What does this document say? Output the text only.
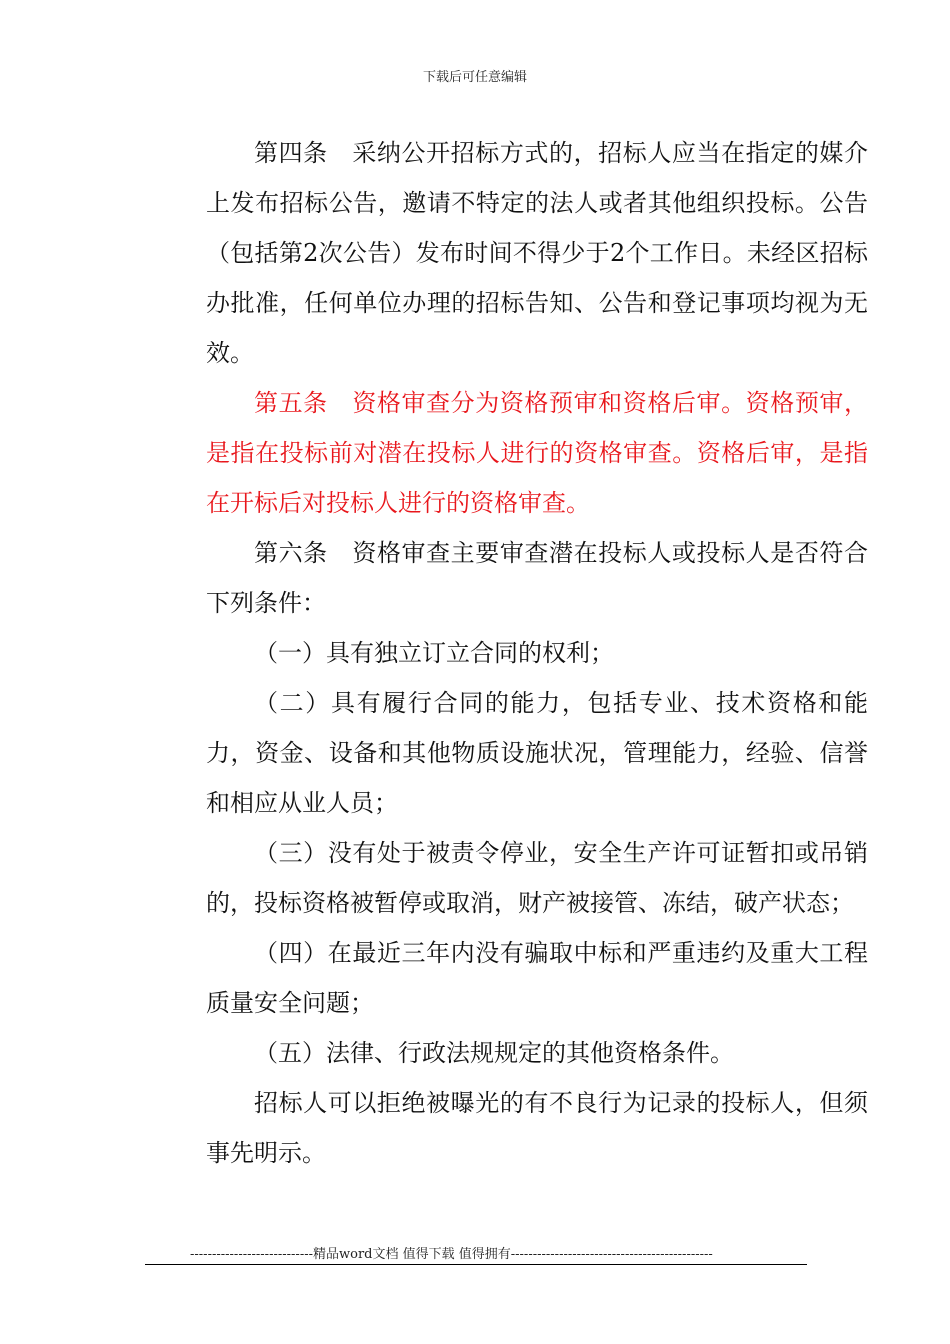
下载后可任意编辑

第四条　采纳公开招标方式的，招标人应当在指定的媒介上发布招标公告，邀请不特定的法人或者其他组织投标。公告（包括第2次公告）发布时间不得少于2个工作日。未经区招标办批准，任何单位办理的招标告知、公告和登记事项均视为无效。

第五条　资格审查分为资格预审和资格后审。资格预审，是指在投标前对潜在投标人进行的资格审查。资格后审，是指在开标后对投标人进行的资格审查。

第六条　资格审查主要审查潜在投标人或投标人是否符合下列条件：

（一）具有独立订立合同的权利；

（二）具有履行合同的能力，包括专业、技术资格和能力，资金、设备和其他物质设施状况，管理能力，经验、信誉和相应从业人员；

（三）没有处于被责令停业，安全生产许可证暂扣或吊销的，投标资格被暂停或取消，财产被接管、冻结，破产状态；

（四）在最近三年内没有骗取中标和严重违约及重大工程质量安全问题；

（五）法律、行政法规规定的其他资格条件。

招标人可以拒绝被曝光的有不良行为记录的投标人，但须事先明示。

----------------------------精品word文档 值得下载 值得拥有----------------------------------------------
